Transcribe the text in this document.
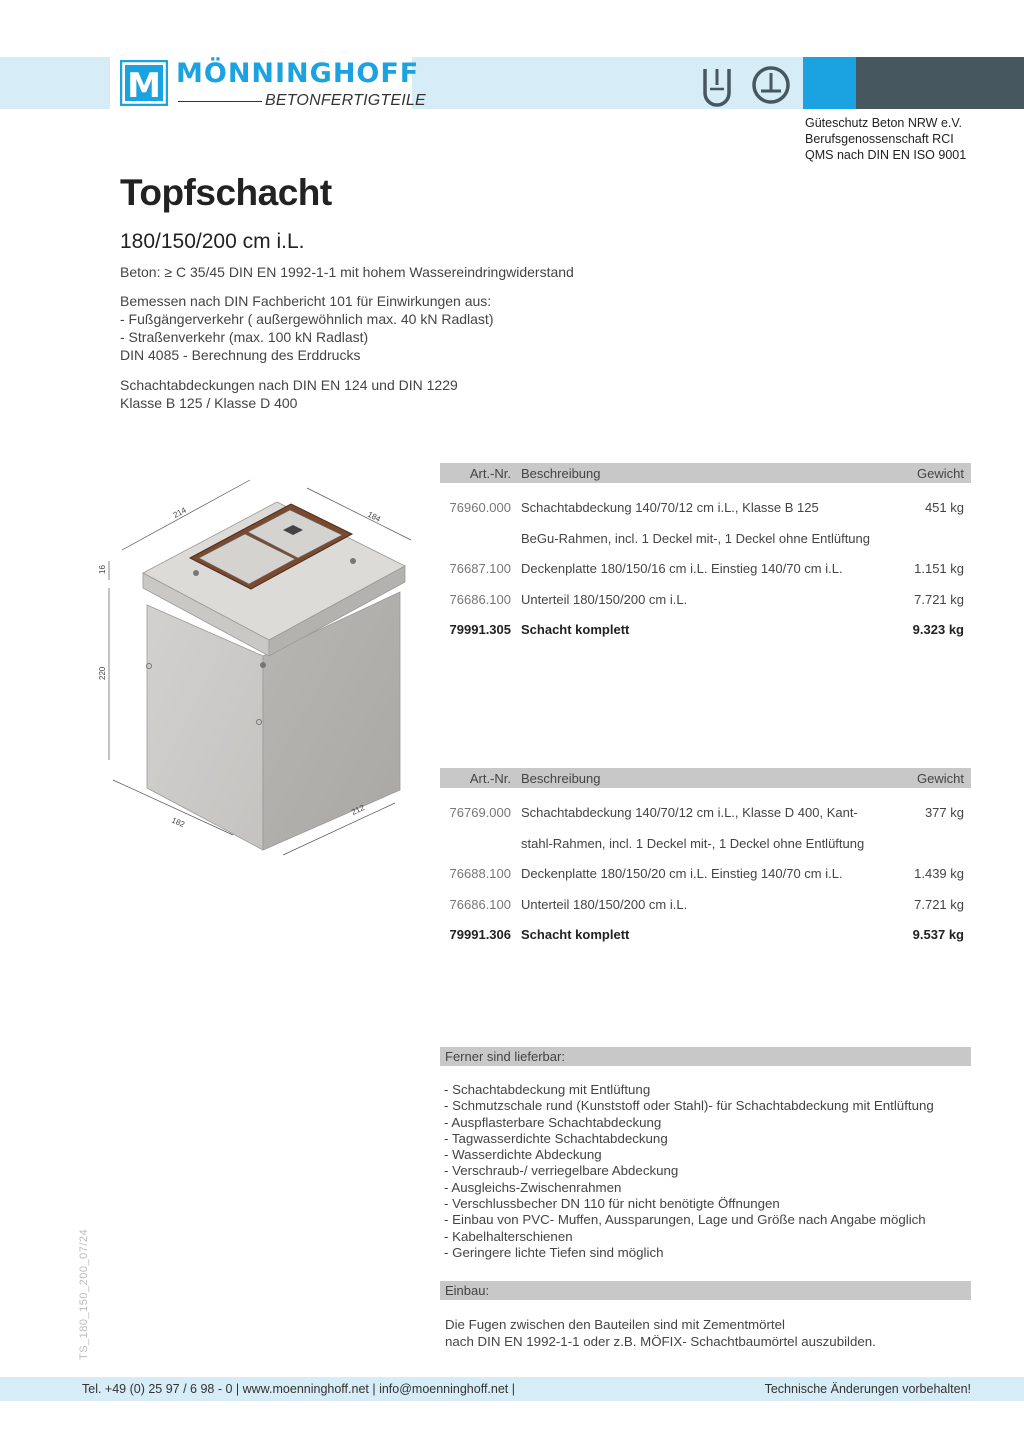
M MÖNNINGHOFF
BETONFERTIGTEILE
Güteschutz Beton NRW e.V.
Berufsgenossenschaft RCI
QMS nach DIN EN ISO 9001
Topfschacht
180/150/200 cm i.L.
Beton: ≥ C 35/45 DIN EN 1992-1-1 mit hohem Wassereindringwiderstand
Bemessen nach DIN Fachbericht 101 für Einwirkungen aus:
- Fußgängerverkehr ( außergewöhnlich max. 40 kN Radlast)
- Straßenverkehr (max. 100 kN Radlast)
DIN 4085 - Berechnung des Erddrucks
Schachtabdeckungen nach DIN EN 124 und DIN 1229
Klasse B 125 / Klasse D 400
214	184
16
220
182
212
Art.-Nr. Beschreibung	Gewicht
76960.000 Schachtabdeckung 140/70/12 cm i.L., Klasse B 125	451 kg
BeGu-Rahmen, incl. 1 Deckel mit-, 1 Deckel ohne Entlüftung
76687.100 Deckenplatte 180/150/16 cm i.L. Einstieg 140/70 cm i.L.	1.151 kg
76686.100 Unterteil 180/150/200 cm i.L.	7.721 kg
79991.305 Schacht komplett	9.323 kg
Art.-Nr. Beschreibung	Gewicht
76769.000 Schachtabdeckung 140/70/12 cm i.L., Klasse D 400, Kant-	377 kg
stahl-Rahmen, incl. 1 Deckel mit-, 1 Deckel ohne Entlüftung
76688.100 Deckenplatte 180/150/20 cm i.L. Einstieg 140/70 cm i.L.	1.439 kg
76686.100 Unterteil 180/150/200 cm i.L.	7.721 kg
79991.306 Schacht komplett	9.537 kg
Ferner sind lieferbar:
- Schachtabdeckung mit Entlüftung
- Schmutzschale rund (Kunststoff oder Stahl)- für Schachtabdeckung mit Entlüftung
- Auspflasterbare Schachtabdeckung
- Tagwasserdichte Schachtabdeckung
- Wasserdichte Abdeckung
- Verschraub-/ verriegelbare Abdeckung
- Ausgleichs-Zwischenrahmen
- Verschlussbecher DN 110 für nicht benötigte Öffnungen
- Einbau von PVC- Muffen, Aussparungen, Lage und Größe nach Angabe möglich
- Kabelhalterschienen
- Geringere lichte Tiefen sind möglich
Einbau:
Die Fugen zwischen den Bauteilen sind mit Zementmörtel
nach DIN EN 1992-1-1 oder z.B. MÖFIX- Schachtbaumörtel auszubilden.
TS_180_150_200_07/24
Tel. +49 (0) 25 97 / 6 98 - 0 | www.moenninghoff.net | info@moenninghoff.net |	Technische Änderungen vorbehalten!
